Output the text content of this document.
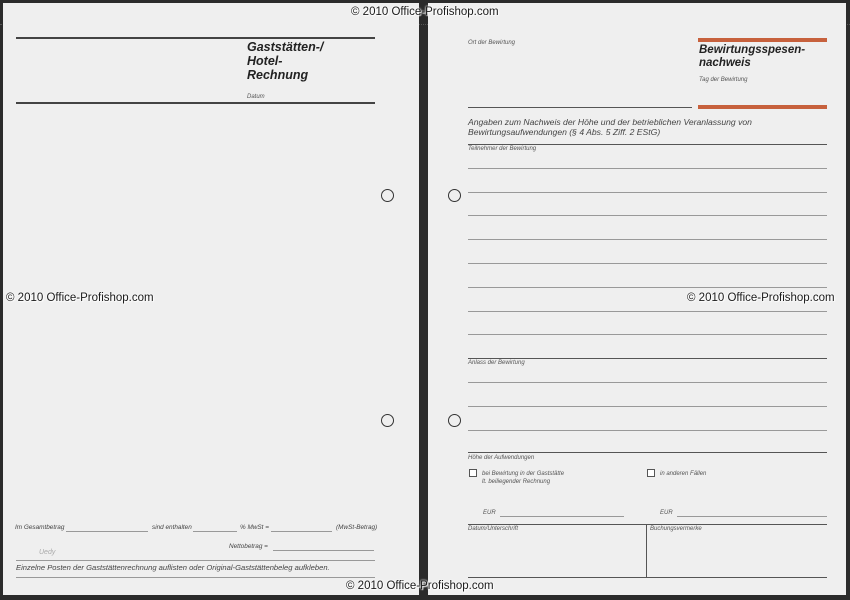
Gaststätten-/
Hotel-
Rechnung
Datum
Im Gesamtbetrag	sind enthalten	% MwSt =	(MwSt-Betrag)
Nettobetrag =
Uedy
Einzelne Posten der Gaststättenrechnung auflisten oder Original-Gaststättenbeleg aufkleben.
Ort der Bewirtung
Bewirtungsspesen-
nachweis
Tag der Bewirtung
Angaben zum Nachweis der Höhe und der betrieblichen Veranlassung von
Bewirtungsaufwendungen (§ 4 Abs. 5 Ziff. 2 EStG)
Teilnehmer der Bewirtung
Anlass der Bewirtung
Höhe der Aufwendungen
bei Bewirtung in der Gaststätte
lt. beiliegender Rechnung
in anderen Fällen
EUR	EUR
Datum/Unterschrift	Buchungsvermerke
© 2010 Office-Profishop.com
© 2010 Office-Profishop.com	© 2010 Office-Profishop.com
© 2010 Office-Profishop.com
